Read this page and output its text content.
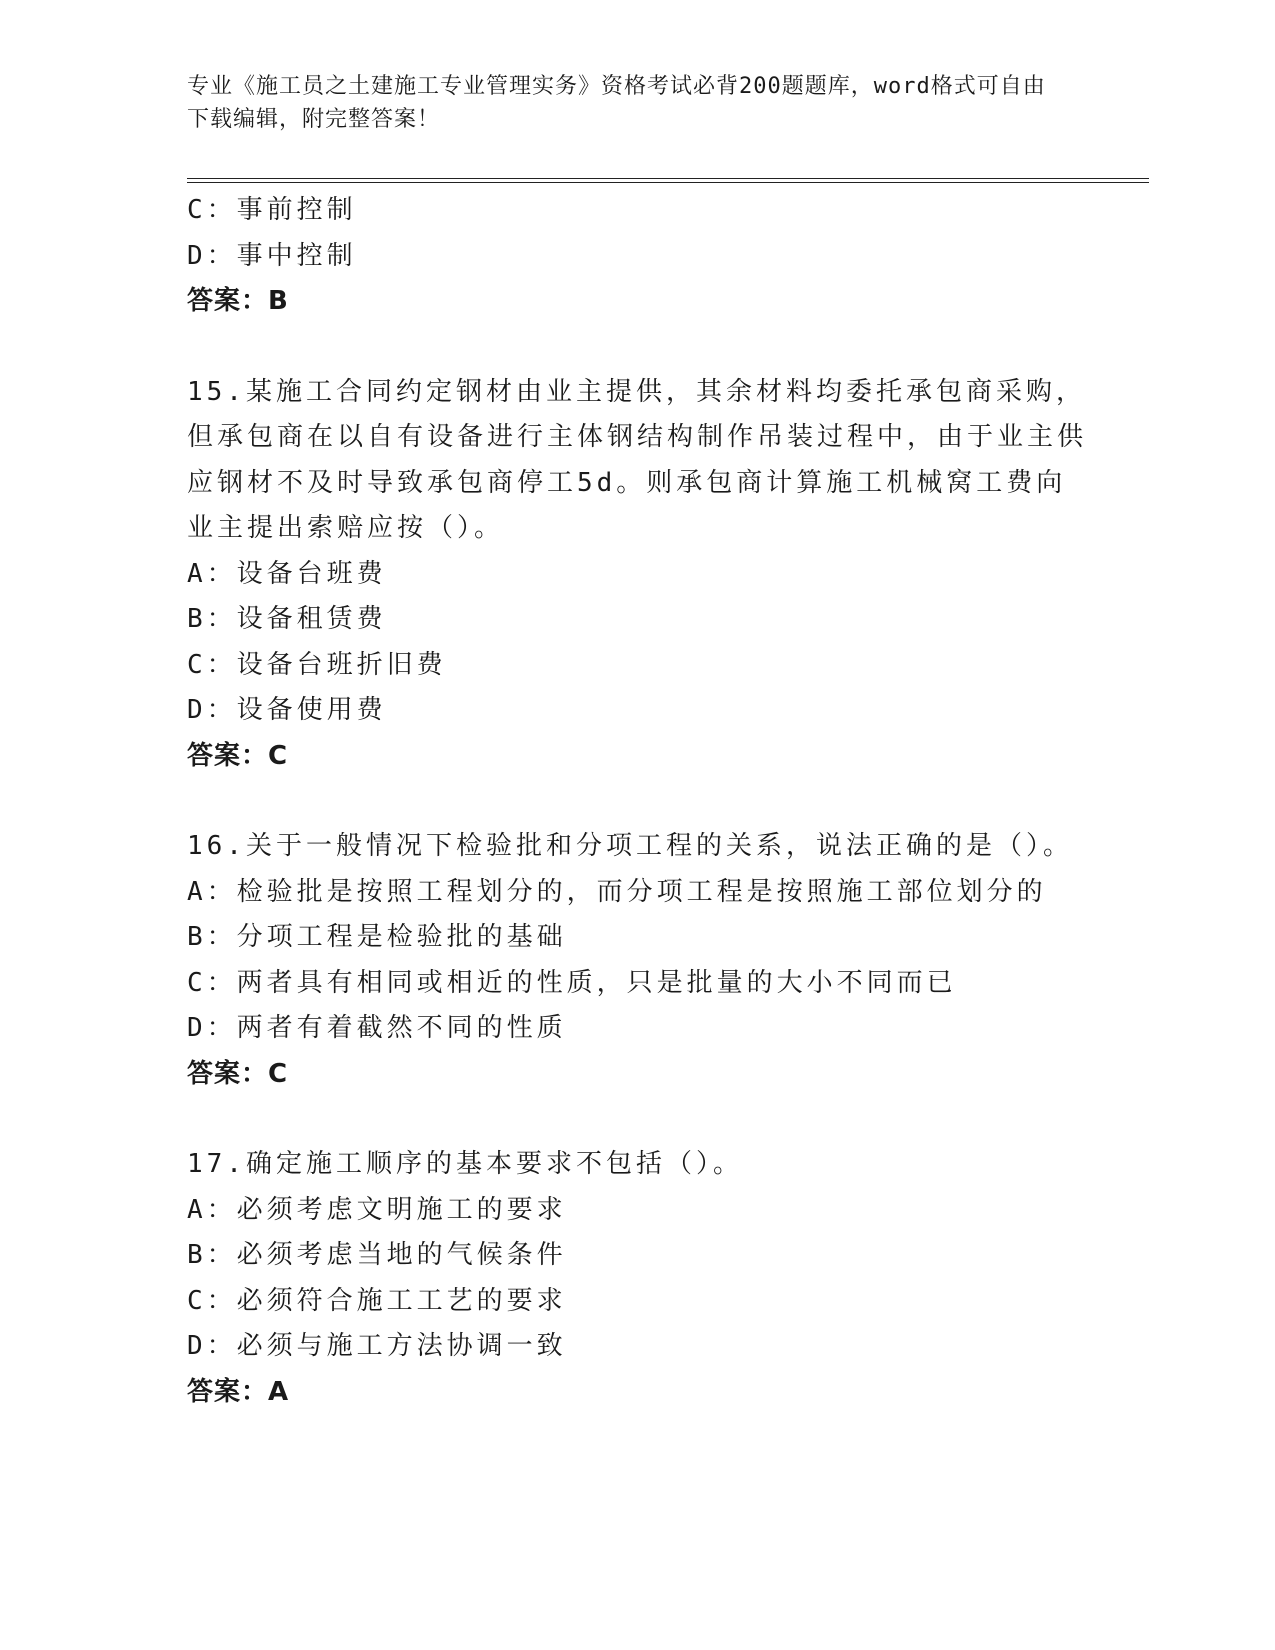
专业《施工员之土建施工专业管理实务》资格考试必背200题题库，word格式可自由下载编辑，附完整答案！
C：事前控制
D：事中控制
答案：B
15.某施工合同约定钢材由业主提供，其余材料均委托承包商采购，但承包商在以自有设备进行主体钢结构制作吊装过程中，由于业主供应钢材不及时导致承包商停工5d。则承包商计算施工机械窝工费向业主提出索赔应按（）。
A：设备台班费
B：设备租赁费
C：设备台班折旧费
D：设备使用费
答案：C
16.关于一般情况下检验批和分项工程的关系，说法正确的是（）。
A：检验批是按照工程划分的，而分项工程是按照施工部位划分的
B：分项工程是检验批的基础
C：两者具有相同或相近的性质，只是批量的大小不同而已
D：两者有着截然不同的性质
答案：C
17.确定施工顺序的基本要求不包括（）。
A：必须考虑文明施工的要求
B：必须考虑当地的气候条件
C：必须符合施工工艺的要求
D：必须与施工方法协调一致
答案：A
